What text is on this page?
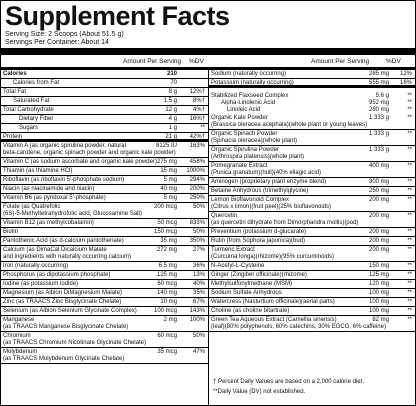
Supplement Facts
Serving Size: 2 Scoops (About 51.5 g)
Servings Per Container: About 14
Amount Per Serving %DV	Amount Per Serving	%DV
Calories	210
Calories from Fat	70
Total Fat	8 g 12%†
Saturated Fat	1.5 g	8%†
Total Carbohydrate	12 g	4%†
Dietary Fiber	4 g 16%†
Sugars	1 g	**
Protein	21 g 42%†
Vitamin A (as organic spirulina powder, natural
beta-carotene, organic spinach powder and organic kale powder)
8125 IU 163%
Vitamin C (as sodium ascorbate and organic kale powder) 275 mg 458%
Thiamin (as thiamine HCl)	15 mg 1000%
Riboflavin (as riboflavin 5'-phosphate sodium)	5 mg 294%
Niacin (as niacinamide and niacin)	40 mg 200%
Vitamin B6 (as pyridoxal 5'-phosphate)	5 mg 250%
Folate (as Quatrefolic
(6S)-5-Methyltetrahydrofolic acid, Glucosamine Salt)
200 mcg	50%
Vitamin B12 (as methylcobalamin)	50 mcg 833%
Biotin	150 mcg	50%
Pantothenic Acid (as d-calcium pantothenate)	35 mg 350%
Calcium (as DimaCal Dicalcium Malate
and ingredients with naturally occurring calcium)
272 mg	27%
Iron (naturally occurring)	6.5 mg	36%
Phosphorus (as dipotassium phosphate)	125 mg	13%
Iodine (as potassium iodide)	60 mcg	40%
Magnesium (as Albion DiMagnesium Malate)	140 mg	35%
Zinc (as TRAACS Zinc Bisglycinate Chelate)	10 mg	67%
Selenium (as Albion Selenium Glycinate Complex)	100 mcg 143%
Manganese
(as TRAACS Manganese Bisglycinate Chelate)
2 mg 100%
Chromium
(as TRAACS Chromium Nicotinate Glycinate Chelate)
60 mcg	50%
Molybdenum
(as TRAACS Molybdenum Glycinate Chelate)
35 mcg	47%
Sodium (naturally occurring)	285 mg 12%
Potassium (naturally occurring)	555 mg 16%
Stabilized Flaxseed Complex	5.6 g	**
Alpha-Linolenic Acid	952 mg	**
Linoleic Acid	280 mg	**
Organic Kale Powder
(Brassica oleracea acephala)(whole plant or young leaves)
1.333 g	**
Organic Spinach Powder
(Spinacia oleracea)(whole plant)
1.333 g	**
Organic Spirulina Powder
(Arthrospira platensis)(whole plant)
1.333 g	**
Pomegranate Extract
(Punica granatum)(hull)(40% ellagic acid)
400 mg	**
Aminogen (proprietary plant enzyme blend)	300 mg	**
Betaine Anhydrous (trimethylglycine)	250 mg	**
Lemon Bioflavonoid Complex
(Citrus x limon)(fruit peel)(25% bioflavonoids)
200 mg	**
Quercetin
(as quercetin dihydrate from Dimorphandra mollis)(pod)
200 mg	**
Preventium (potassium d-glucarate)	200 mg	**
Rutin (from Sophora japonica)(bud)	200 mg	**
Turmeric Extract
(Curcuma longa)(rhizome)(95% curcuminoids)
200 mg	**
N-Acetyl-L-Cysteine	150 mg	**
Ginger (Zingiber officinale)(rhizome)	125 mg	**
Methylsulfonylmethane (MSM)	120 mg	**
Sodium Sulfate Anhydrous	100 mg	**
Watercress (Nasturtium officinale)(aerial parts)	100 mg	**
Choline (as choline bitartrate)	100 mg	**
Green Tea Aqueous Extract (Camellia sinensis)
(leaf)(80% polyphenols, 60% catechins, 30% EGCG, 6% caffeine)
82 mg	**
† Percent Daily Values are based on a 2,000 calorie diet.
**Daily Value (DV) not established.
